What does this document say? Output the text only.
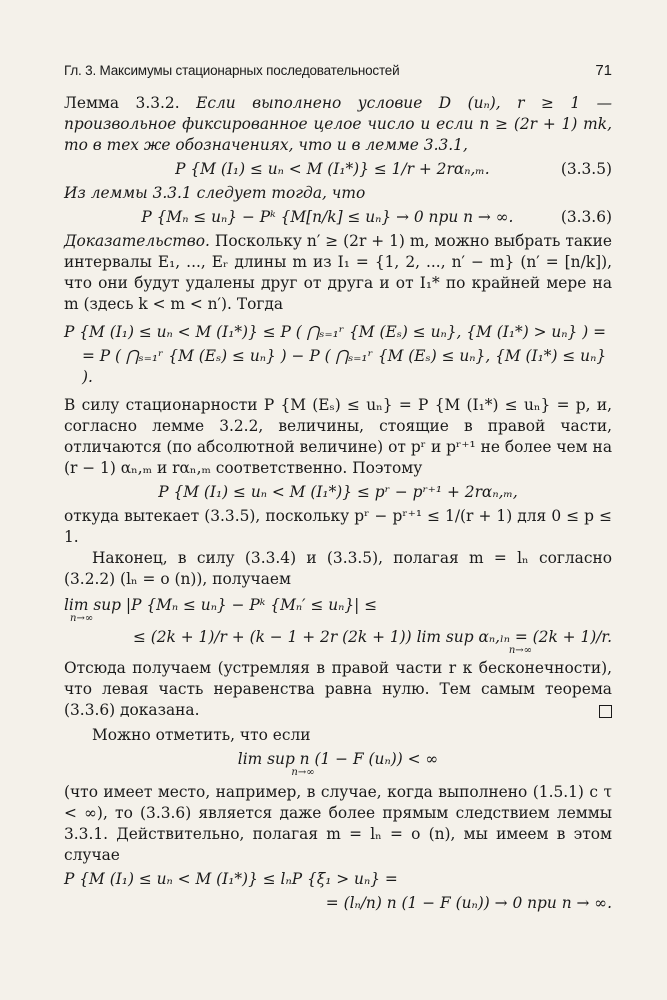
Гл. 3. Максимумы стационарных последовательностей	71

Лемма 3.3.2. Если выполнено условие D (uₙ), r ≥ 1 — произвольное фиксированное целое число и если n ≥ (2r + 1) mk, то в тех же обозначениях, что и в лемме 3.3.1,

P {M (I₁) ≤ uₙ < M (I₁*)} ≤ 1/r + 2rαₙ,ₘ.	(3.3.5)

Из леммы 3.3.1 следует тогда, что

P {Mₙ ≤ uₙ} − Pᵏ {M[n/k] ≤ uₙ} → 0 при n → ∞.	(3.3.6)

Доказательство. Поскольку n′ ≥ (2r + 1) m, можно выбрать такие интервалы E₁, ..., Eᵣ длины m из I₁ = {1, 2, ..., n′ − m} (n′ = [n/k]), что они будут удалены друг от друга и от I₁* по крайней мере на m (здесь k < m < n′). Тогда

P {M (I₁) ≤ uₙ < M (I₁*)} ≤ P ( ⋂ₛ₌₁ʳ {M (Eₛ) ≤ uₙ}, {M (I₁*) > uₙ} ) =
= P ( ⋂ₛ₌₁ʳ {M (Eₛ) ≤ uₙ} ) − P ( ⋂ₛ₌₁ʳ {M (Eₛ) ≤ uₙ}, {M (I₁*) ≤ uₙ} ).

В силу стационарности P {M (Eₛ) ≤ uₙ} = P {M (I₁*) ≤ uₙ} = p, и, согласно лемме 3.2.2, величины, стоящие в правой части, отличаются (по абсолютной величине) от pʳ и pʳ⁺¹ не более чем на (r − 1) αₙ,ₘ и rαₙ,ₘ соответственно. Поэтому

P {M (I₁) ≤ uₙ < M (I₁*)} ≤ pʳ − pʳ⁺¹ + 2rαₙ,ₘ,

откуда вытекает (3.3.5), поскольку pʳ − pʳ⁺¹ ≤ 1/(r + 1) для 0 ≤ p ≤ 1.

Наконец, в силу (3.3.4) и (3.3.5), полагая m = lₙ согласно (3.2.2) (lₙ = o (n)), получаем

lim sup |P {Mₙ ≤ uₙ} − Pᵏ {Mₙ′ ≤ uₙ}| ≤
n→∞
≤ (2k + 1)/r + (k − 1 + 2r (2k + 1)) lim sup αₙ,ₗₙ = (2k + 1)/r.
n→∞

Отсюда получаем (устремляя в правой части r к бесконечности), что левая часть неравенства равна нулю. Тем самым теорема (3.3.6) доказана.

Можно отметить, что если

lim sup n (1 − F (uₙ)) < ∞
n→∞

(что имеет место, например, в случае, когда выполнено (1.5.1) с τ < ∞), то (3.3.6) является даже более прямым следствием леммы 3.3.1. Действительно, полагая m = lₙ = o (n), мы имеем в этом случае

P {M (I₁) ≤ uₙ < M (I₁*)} ≤ lₙP {ξ₁ > uₙ} =
= (lₙ/n) n (1 − F (uₙ)) → 0 при n → ∞.
